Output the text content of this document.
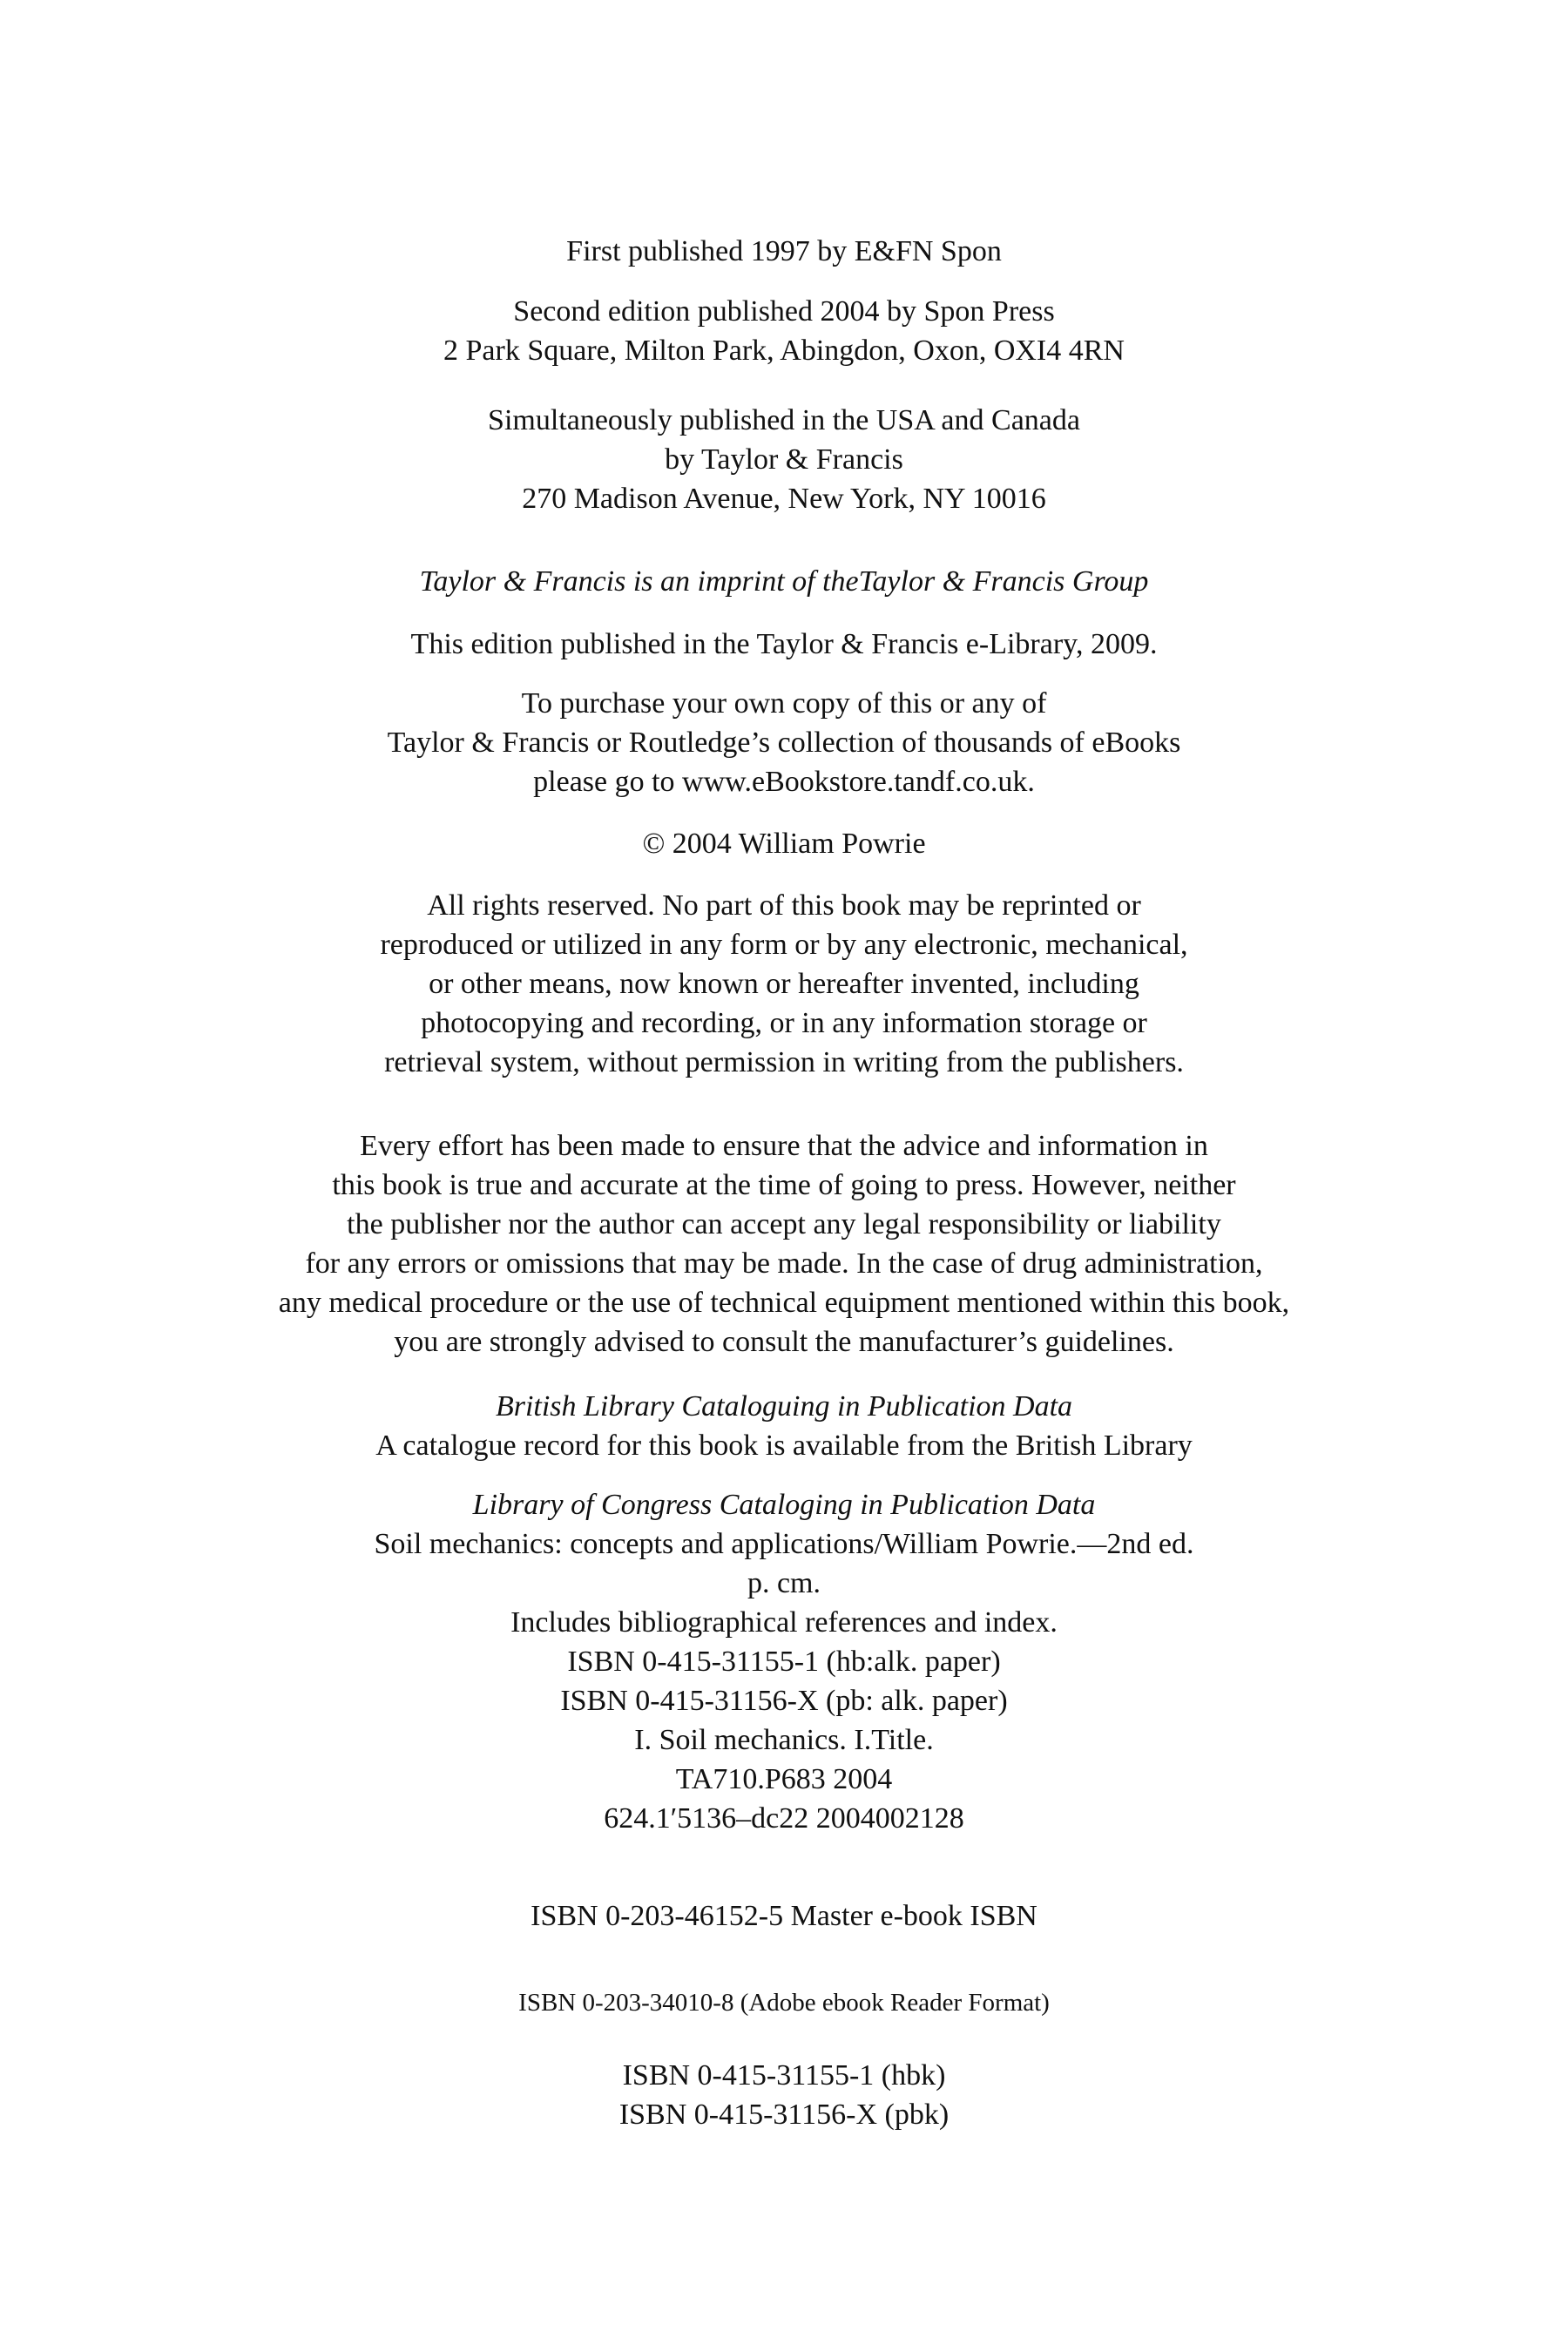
First published 1997 by E&FN Spon
Second edition published 2004 by Spon Press
2 Park Square, Milton Park, Abingdon, Oxon, OXI4 4RN
Simultaneously published in the USA and Canada
by Taylor & Francis
270 Madison Avenue, New York, NY 10016
Taylor & Francis is an imprint of theTaylor & Francis Group
This edition published in the Taylor & Francis e-Library, 2009.
To purchase your own copy of this or any of
Taylor & Francis or Routledge’s collection of thousands of eBooks
please go to www.eBookstore.tandf.co.uk.
© 2004 William Powrie
All rights reserved. No part of this book may be reprinted or
reproduced or utilized in any form or by any electronic, mechanical,
or other means, now known or hereafter invented, including
photocopying and recording, or in any information storage or
retrieval system, without permission in writing from the publishers.
Every effort has been made to ensure that the advice and information in
this book is true and accurate at the time of going to press. However, neither
the publisher nor the author can accept any legal responsibility or liability
for any errors or omissions that may be made. In the case of drug administration,
any medical procedure or the use of technical equipment mentioned within this book,
you are strongly advised to consult the manufacturer’s guidelines.
British Library Cataloguing in Publication Data
A catalogue record for this book is available from the British Library
Library of Congress Cataloging in Publication Data
Soil mechanics: concepts and applications/William Powrie.—2nd ed.
p. cm.
Includes bibliographical references and index.
ISBN 0-415-31155-1 (hb:alk. paper)
ISBN 0-415-31156-X (pb: alk. paper)
I. Soil mechanics. I.Title.
TA710.P683 2004
624.1′5136–dc22 2004002128
ISBN 0-203-46152-5 Master e-book ISBN
ISBN 0-203-34010-8 (Adobe ebook Reader Format)
ISBN 0-415-31155-1 (hbk)
ISBN 0-415-31156-X (pbk)
